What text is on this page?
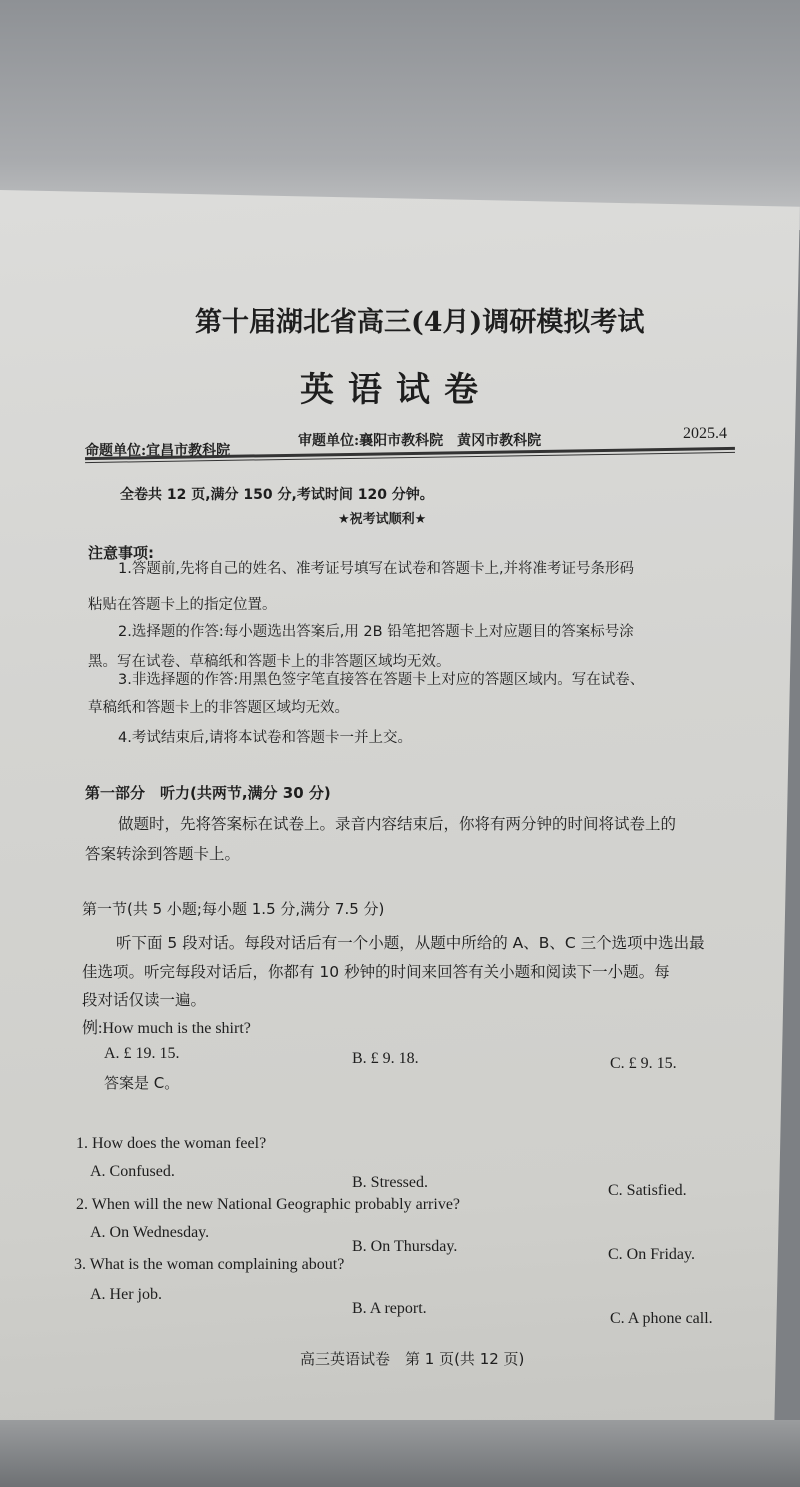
第十届湖北省高三(4月)调研模拟考试
英语试卷
命题单位:宜昌市教科院
审题单位:襄阳市教科院　黄冈市教科院	2025.4
全卷共 12 页,满分 150 分,考试时间 120 分钟。
★祝考试顺利★
注意事项:
1.答题前,先将自己的姓名、准考证号填写在试卷和答题卡上,并将准考证号条形码
粘贴在答题卡上的指定位置。
2.选择题的作答:每小题选出答案后,用 2B 铅笔把答题卡上对应题目的答案标号涂
黑。写在试卷、草稿纸和答题卡上的非答题区域均无效。
3.非选择题的作答:用黑色签字笔直接答在答题卡上对应的答题区域内。写在试卷、
草稿纸和答题卡上的非答题区域均无效。
4.考试结束后,请将本试卷和答题卡一并上交。
第一部分　听力(共两节,满分 30 分)
做题时，先将答案标在试卷上。录音内容结束后，你将有两分钟的时间将试卷上的
答案转涂到答题卡上。
第一节(共 5 小题;每小题 1.5 分,满分 7.5 分)
听下面 5 段对话。每段对话后有一个小题，从题中所给的 A、B、C 三个选项中选出最
佳选项。听完每段对话后，你都有 10 秒钟的时间来回答有关小题和阅读下一小题。每
段对话仅读一遍。
例:How much is the shirt?
A. £ 19. 15.	B. £ 9. 18.	C. £ 9. 15.
答案是 C。
1. How does the woman feel?
A. Confused.
B. Stressed.	C. Satisfied.
2. When will the new National Geographic probably arrive?
A. On Wednesday.
B. On Thursday.	C. On Friday.
3. What is the woman complaining about?
A. Her job.
B. A report.
C. A phone call.
高三英语试卷　第 1 页(共 12 页)
